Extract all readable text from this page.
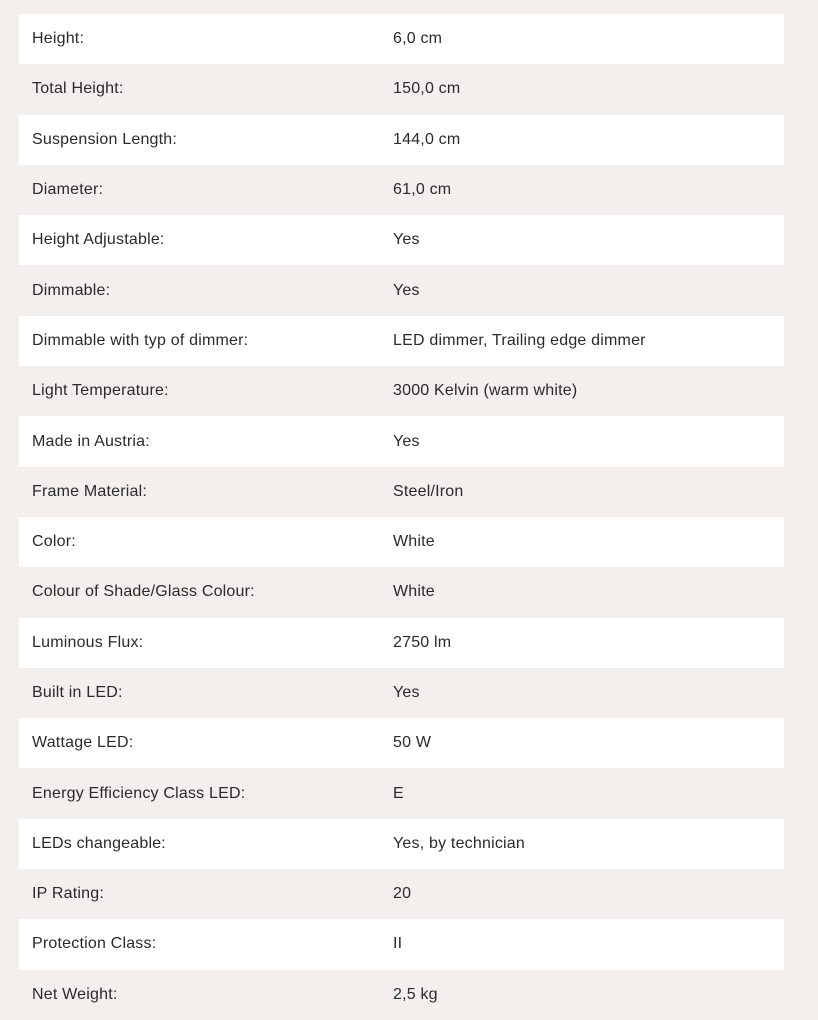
Height:	6,0 cm
Total Height:	150,0 cm
Suspension Length:	144,0 cm
Diameter:	61,0 cm
Height Adjustable:	Yes
Dimmable:	Yes
Dimmable with typ of dimmer:	LED dimmer, Trailing edge dimmer
Light Temperature:	3000 Kelvin (warm white)
Made in Austria:	Yes
Frame Material:	Steel/Iron
Color:	White
Colour of Shade/Glass Colour:	White
Luminous Flux:	2750 lm
Built in LED:	Yes
Wattage LED:	50 W
Energy Efficiency Class LED:	E
LEDs changeable:	Yes, by technician
IP Rating:	20
Protection Class:	II
Net Weight:	2,5 kg
